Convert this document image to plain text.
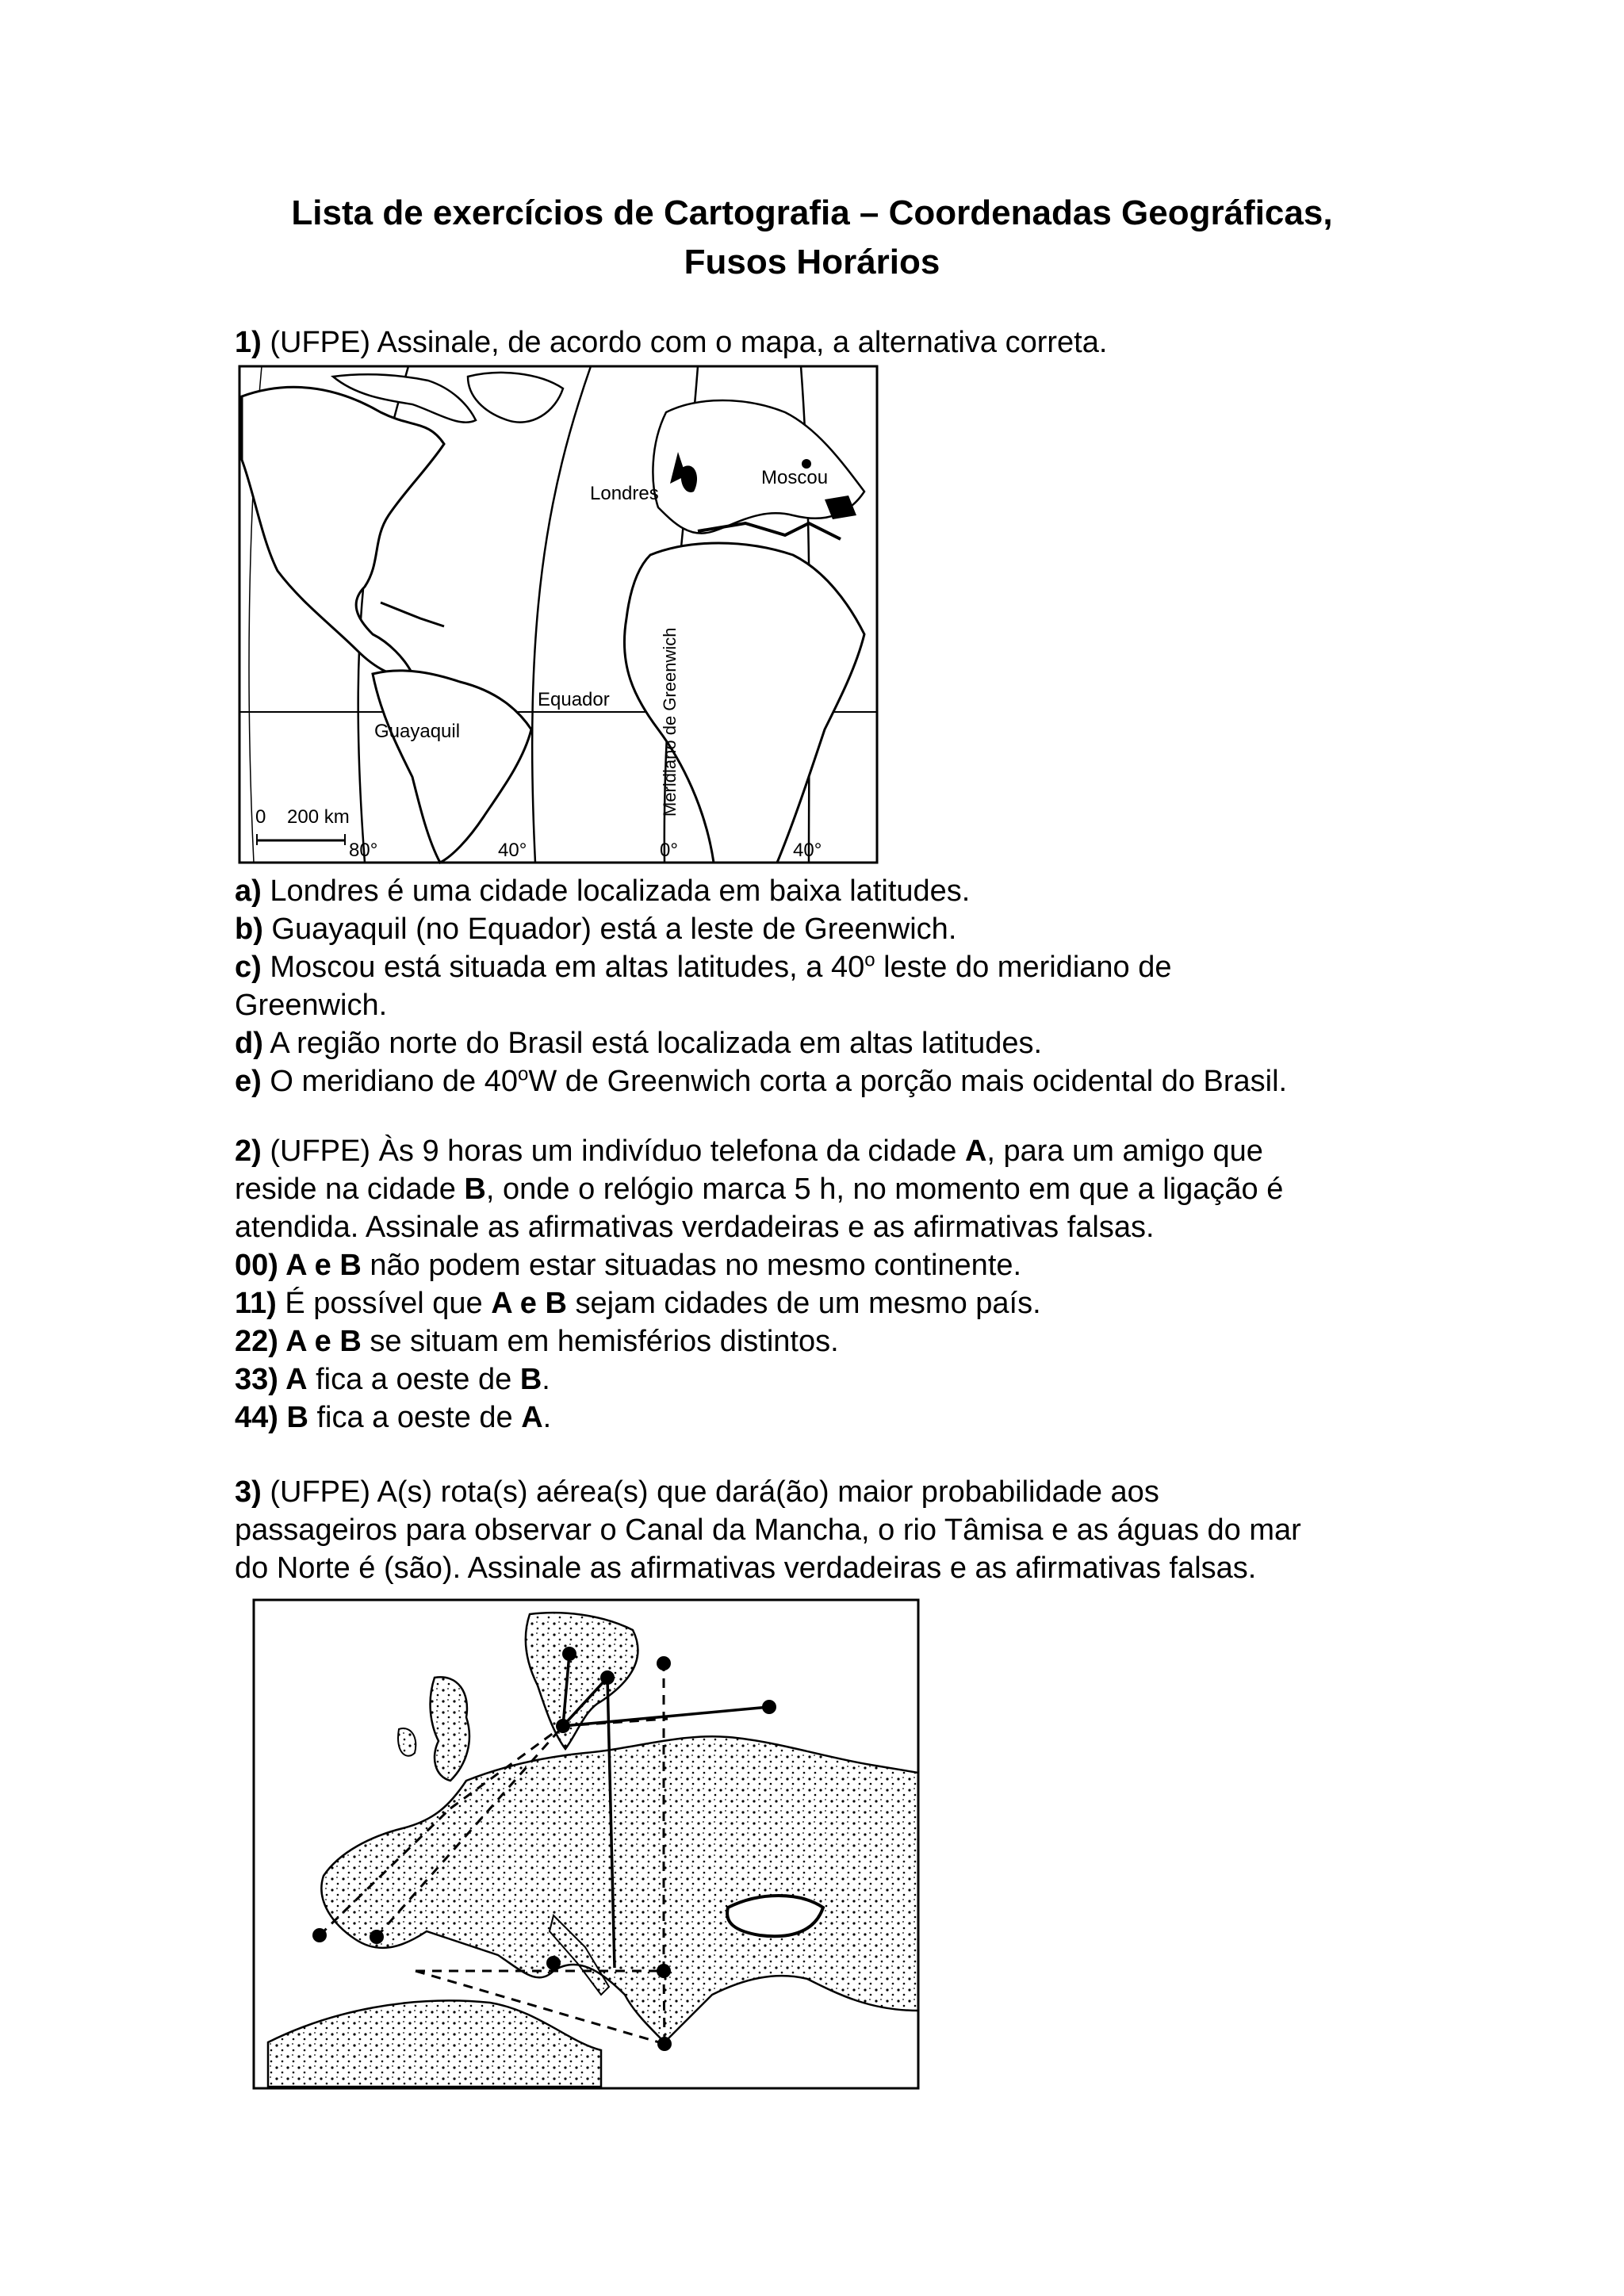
Lista de exercícios de Cartografia – Coordenadas Geográficas,
Fusos Horários

1) (UFPE) Assinale, de acordo com o mapa, a alternativa correta.

Londres
Moscou
Equador
Guayaquil	Meridiano de Greenwich
0    200 km
80°	40°	0°	40°

a) Londres é uma cidade localizada em baixa latitudes.

b) Guayaquil (no Equador) está a leste de Greenwich.

c) Moscou está situada em altas latitudes, a 40$^o$ leste do meridiano de

Greenwich.

d) A região norte do Brasil está localizada em altas latitudes.

e) O meridiano de 40$^o$W de Greenwich corta a porção mais ocidental do Brasil.

2) (UFPE) Às 9 horas um indivíduo telefona da cidade A, para um amigo que

reside na cidade B, onde o relógio marca 5 h, no momento em que a ligação é

atendida. Assinale as afirmativas verdadeiras e as afirmativas falsas.

00) A e B não podem estar situadas no mesmo continente.

11) É possível que A e B sejam cidades de um mesmo país.

22) A e B se situam em hemisférios distintos.

33) A fica a oeste de B.

44) B fica a oeste de A.

3) (UFPE) A(s) rota(s) aérea(s) que dará(ão) maior probabilidade aos

passageiros para observar o Canal da Mancha, o rio Tâmisa e as águas do mar

do Norte é (são). Assinale as afirmativas verdadeiras e as afirmativas falsas.
